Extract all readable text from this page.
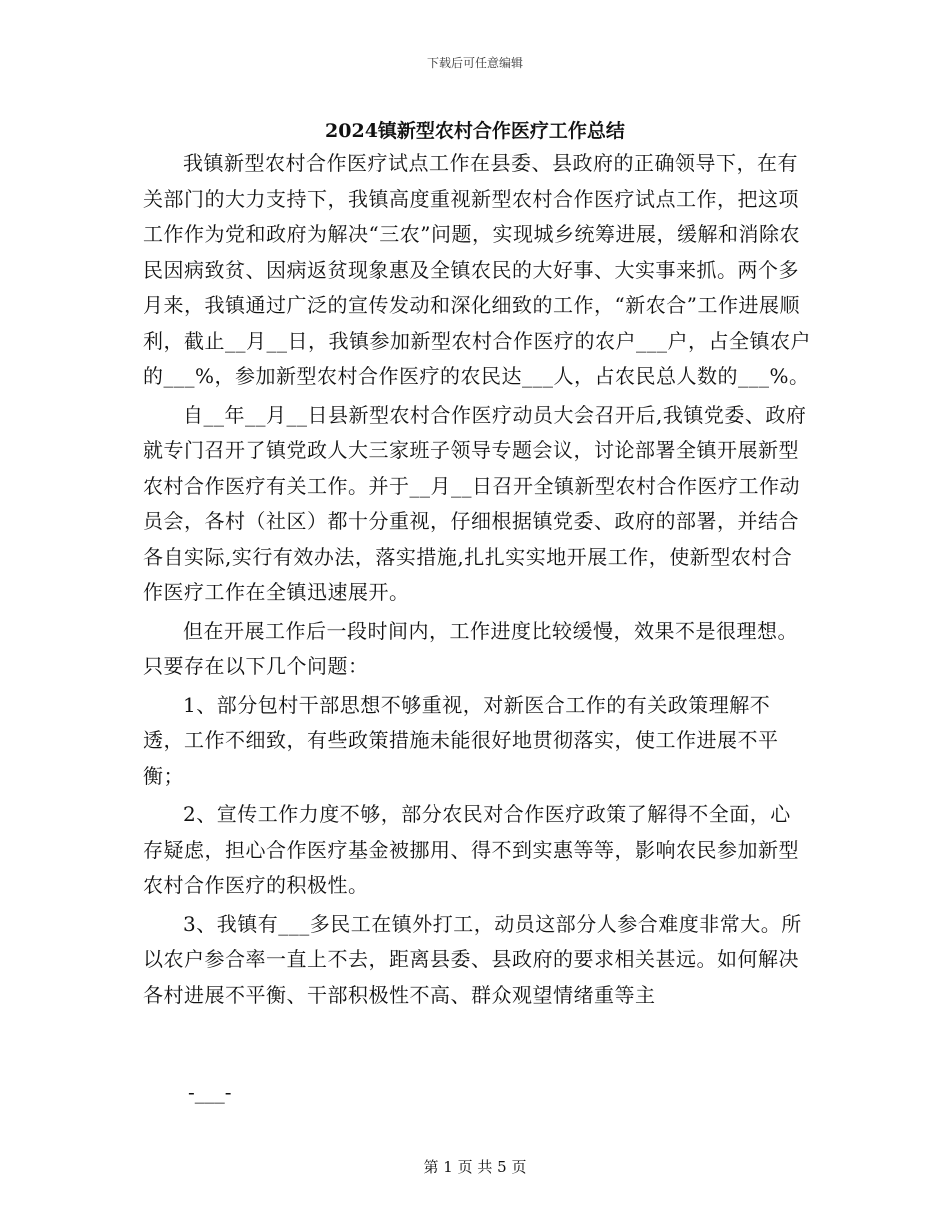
下载后可任意编辑
2024镇新型农村合作医疗工作总结

我镇新型农村合作医疗试点工作在县委、县政府的正确领导下，在有关部门的大力支持下，我镇高度重视新型农村合作医疗试点工作，把这项工作作为党和政府为解决“三农”问题，实现城乡统筹进展，缓解和消除农民因病致贫、因病返贫现象惠及全镇农民的大好事、大实事来抓。两个多月来，我镇通过广泛的宣传发动和深化细致的工作，“新农合”工作进展顺利，截止__月__日，我镇参加新型农村合作医疗的农户___户，占全镇农户的___%，参加新型农村合作医疗的农民达___人，占农民总人数的___%。

自__年__月__日县新型农村合作医疗动员大会召开后,我镇党委、政府就专门召开了镇党政人大三家班子领导专题会议，讨论部署全镇开展新型农村合作医疗有关工作。并于__月__日召开全镇新型农村合作医疗工作动员会，各村（社区）都十分重视，仔细根据镇党委、政府的部署，并结合各自实际,实行有效办法，落实措施,扎扎实实地开展工作，使新型农村合作医疗工作在全镇迅速展开。

但在开展工作后一段时间内，工作进度比较缓慢，效果不是很理想。只要存在以下几个问题：

1、部分包村干部思想不够重视，对新医合工作的有关政策理解不透，工作不细致，有些政策措施未能很好地贯彻落实，使工作进展不平衡；

2、宣传工作力度不够，部分农民对合作医疗政策了解得不全面，心存疑虑，担心合作医疗基金被挪用、得不到实惠等等，影响农民参加新型农村合作医疗的积极性。

3、我镇有___多民工在镇外打工，动员这部分人参合难度非常大。所以农户参合率一直上不去，距离县委、县政府的要求相关甚远。如何解决各村进展不平衡、干部积极性不高、群众观望情绪重等主

-___-
第 1 页 共 5 页
